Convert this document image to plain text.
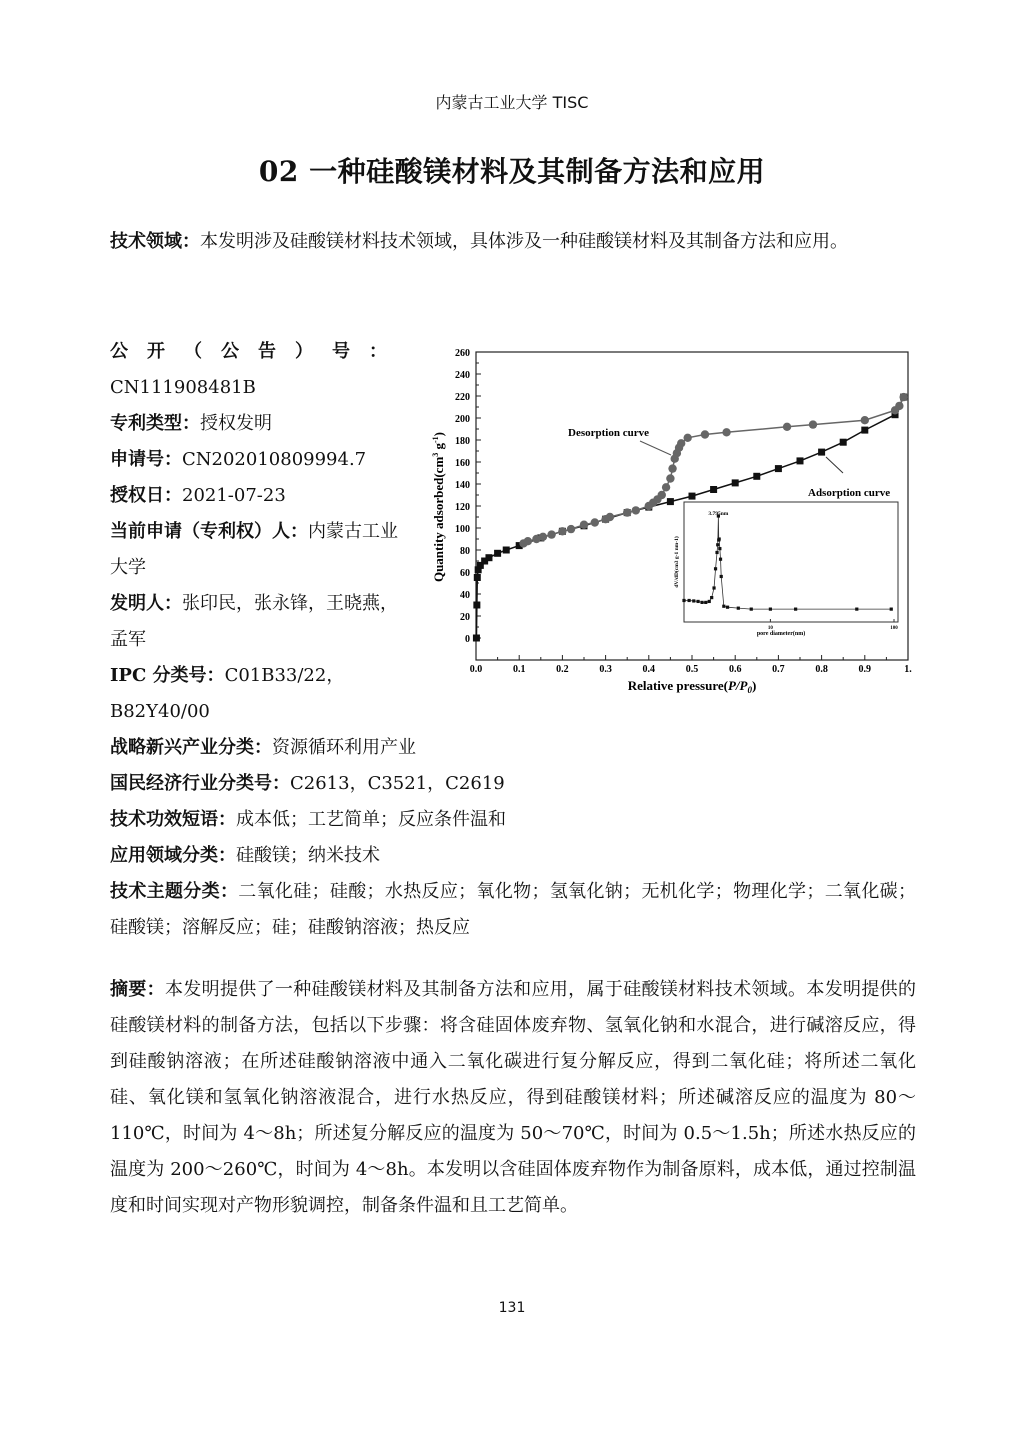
内蒙古工业大学 TISC
02 一种硅酸镁材料及其制备方法和应用
技术领域：本发明涉及硅酸镁材料技术领域，具体涉及一种硅酸镁材料及其制备方法和应用。
公开（公告）号：
CN111908481B
专利类型：授权发明
申请号：CN202010809994.7
授权日：2021-07-23
当前申请（专利权）人：内蒙古工业大学
发明人：张印民，张永锋，王晓燕，孟军
IPC 分类号：C01B33/22，B82Y40/00
战略新兴产业分类：资源循环利用产业
国民经济行业分类号：C2613，C3521，C2619
技术功效短语：成本低；工艺简单；反应条件温和
应用领域分类：硅酸镁；纳米技术
技术主题分类：二氧化硅；硅酸；水热反应；氧化物；氢氧化钠；无机化学；物理化学；二氧化碳；硅酸镁；溶解反应；硅；硅酸钠溶液；热反应
摘要：本发明提供了一种硅酸镁材料及其制备方法和应用，属于硅酸镁材料技术领域。本发明提供的硅酸镁材料的制备方法，包括以下步骤：将含硅固体废弃物、氢氧化钠和水混合，进行碱溶反应，得到硅酸钠溶液；在所述硅酸钠溶液中通入二氧化碳进行复分解反应，得到二氧化硅；将所述二氧化硅、氧化镁和氢氧化钠溶液混合，进行水热反应，得到硅酸镁材料；所述碱溶反应的温度为 80～110℃，时间为 4～8h；所述复分解反应的温度为 50～70℃，时间为 0.5～1.5h；所述水热反应的温度为 200～260℃，时间为 4～8h。本发明以含硅固体废弃物作为制备原料，成本低，通过控制温度和时间实现对产物形貌调控，制备条件温和且工艺简单。
131
0.0	0.1	0.2	0.3	0.4	0.5	0.6	0.7	0.8	0.9	1.
0
20
40
60
80
100
120
140
160
180
200
220
240
260
10	100
3.795nm
pore diameter(nm)
dV/dD(cm3 g-1 nm-1)
Desorption curve
Adsorption curve
Relative $pressure(P/P_0)$
Quantity $adsorbed(cm^3$ $g^{-1}$)
